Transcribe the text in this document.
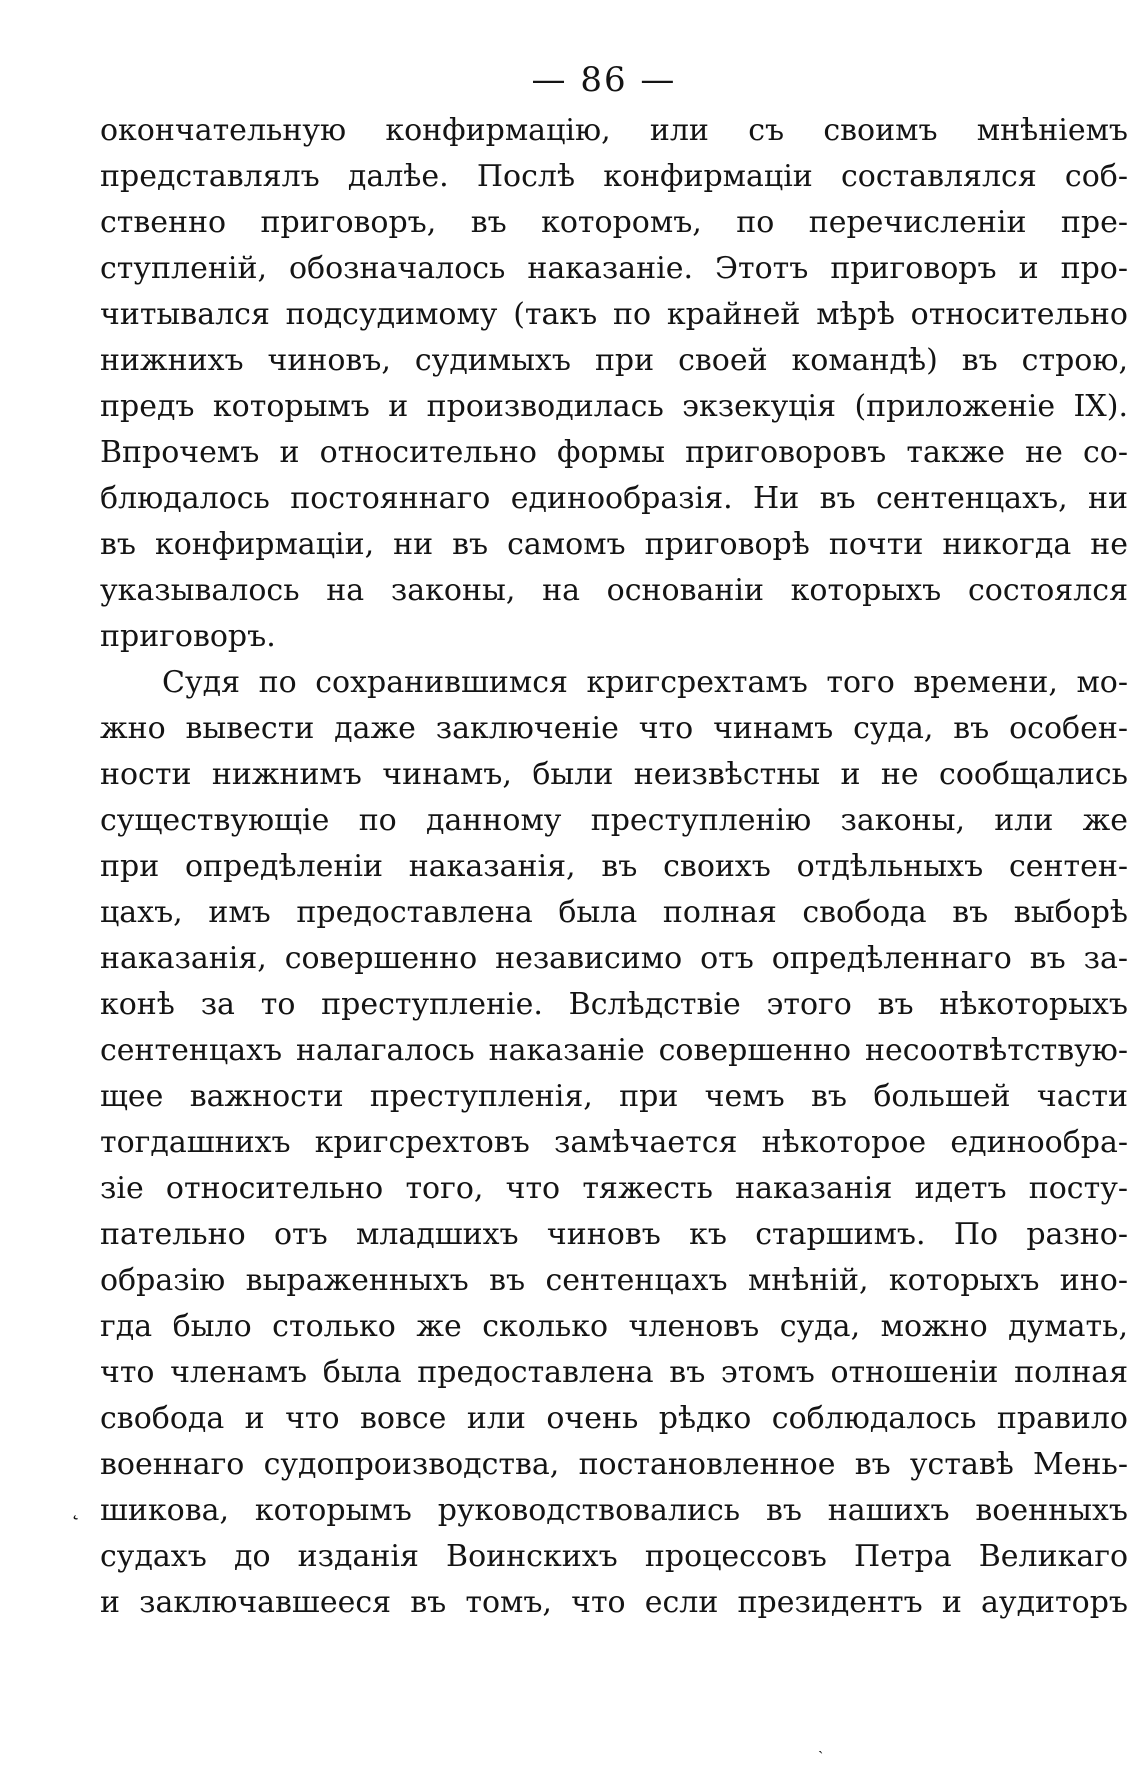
— 86 —
окончательную конфирмацію, или съ своимъ мнѣніемъ
представлялъ далѣе. Послѣ конфирмаціи составлялся соб-
ственно приговоръ, въ которомъ, по перечисленіи пре-
ступленій, обозначалось наказаніе. Этотъ приговоръ и про-
читывался подсудимому (такъ по крайней мѣрѣ относительно
нижнихъ чиновъ, судимыхъ при своей командѣ) въ строю,
предъ которымъ и производилась экзекуція (приложеніе IX).
Впрочемъ и относительно формы приговоровъ также не со-
блюдалось постояннаго единообразія. Ни въ сентенцахъ, ни
въ конфирмаціи, ни въ самомъ приговорѣ почти никогда не
указывалось на законы, на основаніи которыхъ состоялся
приговоръ.
Судя по сохранившимся кригсрехтамъ того времени, мо-
жно вывести даже заключеніе что чинамъ суда, въ особен-
ности нижнимъ чинамъ, были неизвѣстны и не сообщались
существующіе по данному преступленію законы, или же
при опредѣленіи наказанія, въ своихъ отдѣльныхъ сентен-
цахъ, имъ предоставлена была полная свобода въ выборѣ
наказанія, совершенно независимо отъ опредѣленнаго въ за-
конѣ за то преступленіе. Вслѣдствіе этого въ нѣкоторыхъ
сентенцахъ налагалось наказаніе совершенно несоотвѣтствую-
щее важности преступленія, при чемъ въ большей части
тогдашнихъ кригсрехтовъ замѣчается нѣкоторое единообра-
зіе относительно того, что тяжесть наказанія идетъ посту-
пательно отъ младшихъ чиновъ къ старшимъ. По разно-
образію выраженныхъ въ сентенцахъ мнѣній, которыхъ ино-
гда было столько же сколько членовъ суда, можно думать,
что членамъ была предоставлена въ этомъ отношеніи полная
свобода и что вовсе или очень рѣдко соблюдалось правило
военнаго судопроизводства, постановленное въ уставѣ Мень-
шикова, которымъ руководствовались въ нашихъ военныхъ
судахъ до изданія Воинскихъ процессовъ Петра Великаго
и заключавшееся въ томъ, что если президентъ и аудиторъ
˛
ˎ
